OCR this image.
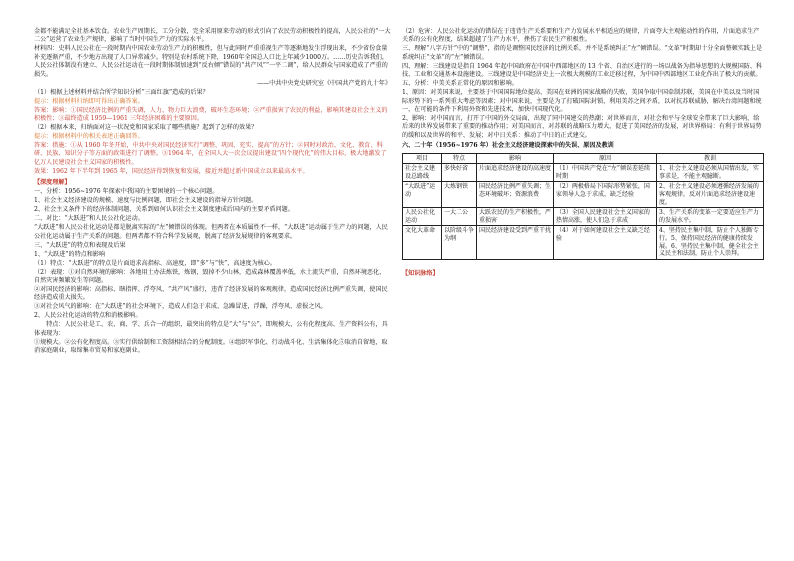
金都不能满足全社基本饮食。农业生产周期长，工分分散，完全采用原来劳动的形式引向了农民劳动积极性的提高，人民公社的“一大二公”运营了农业生产规律，影响了当时中国生产力的实际水平。

材料四：史料人民公社在一段时期内中国农业劳动生产力的积极性，但与此同时严重重视生产等逐渐地发生浮现出来，不少省份食量补充逐渐严重，不少地方出现了人口异常减少。特别是农村系统下降，1960年全国总人口比上年减少1000万。……历史告诉我们，人民公社体制没有建立、人民公社运动在一段时期体制加速到“反右倾”错误的“共产风”“一平二调”，给人民群众与国家造成了严重的损失。

——中共中央党史研究室《中国共产党的九十年》

（1）根据上述材料并结合所学知识分析“三面红旗”造成的后果？

提示：根据材料归纳即可得出正确答案。

答案：影响：①国民经济比例的严重失调，人力、物力巨大浪费，破坏生态环境；②严重损害了农民的利益，影响其建设社会主义的积极性；③最终造成 1959—1961 三年经济困难的主要原因。

（2）根据本来，归纳面对这一状况党和国家采取了哪些措施？起到了怎样的效果？

提示：根据材料中的相关表述正确回答。

答案：措施：①从 1960 年冬开始，中共中央对国民经济实行“调整、巩固、充实、提高”的方针；②同时对政治、文化、教育、科研、民族、知识分子等方面的政策进行了调整。③1964 年，在全国人大一次会议提出建设“四个现代化”的伟大目标，极大地激发了亿万人民建设社会主义国家的积极性。

效果：1962 年下半年到 1965 年，国民经济得到恢复和发展，接近并超过新中国成立以来最高水平。

【深度理解】

一、分析：1956~1976 年探索中我国的主要困境的一个核心问题。

1、社会主义经济建设的规模、速度与比例问题，即社会主义建设的指导方针问题。

2、社会主义条件下的经济体制问题，关系到如何认识社会主义制度建成后国内的主要矛盾问题。

二、对比：“大跃进”和人民公社化运动。

“大跃进”和人民公社化运动是都是脱离实际的“左”倾错误的体现。但两者在本质属性不一样，“大跃进”运动属于生产力的问题，人民公社化运动属于生产关系的问题。但两者都不符合科学发展观，脱离了经济发展规律的客观要求。

三、“大跃进”的特点和表现及后果

1、“大跃进”的特点和影响

（1）特点：“大跃进”的特点是片面追求高指标、高速度，即“多”与“快”，高速度为核心。

（2）表现：①对自然环境的影响：各地用土办法炼铁，炼钢，毁掉不少山林，造成森林覆盖率低，水土流失严重，自然环境恶化，自然灾害频繁发生等问题。

②对国民经济的影响：高指标、瞎指挥、浮夸风、“共产风”盛行，违背了经济发展的客观规律，造成国民经济比例严重失调，使国民经济造成重大损失。

③对社会风气的影响：在“大跃进”的社会环境下，造成人们急于求成、急躁冒进，浮躁，浮夸风、虚报之风。

2、人民公社化运动的特点和消极影响。

特点：人民公社是工、农、商、学、兵合一的组织，最突出的特点是“大”与“公”，即规模大、公有化程度高、生产资料公有，具体表现为：

①规模大。②公有化程度高。③实行供给制和工资制相结合的分配制度。④组织军事化、行动战斗化、生活集体化⑤取消自留地，取消家庭副业，取缔集市贸易和家庭副业。

（2）危害：人民公社化运动的错误在于违背生产关系要和生产力发展水平相适应的规律，片面夸大主观能动性的作用，片面追求生产关系的公有化程度，结果超越了生产力水平，挫伤了农民生产积极性。

三、理解“八字方针”中的“调整”，指的是调整国民经济的比例关系，并不是系统纠正“左”倾错误。“文革”时期却十分全面整顿实践上是系统纠正“文革”的“左”倾错误。

四、理解：三线建设是指自 1964 年起中国政府在中国中西部地区的 13 个省、自治区进行的一场以战备为指导思想的大规模国防、科技、工业和交通基本设施建设。三线建设是中国经济史上一次极大规模的工业迁移过程，为中国中西部地区工业化作出了极大的贡献。

五、分析：中美关系正常化的原因和影响。

1、原因：对美国来说，主要基于中国国际地位提高、美国在亚洲的国家战略的失败，美国争取中国牵制苏联，美国在中美以及当时国际形势下的一系列重大考虑等因素；对中国来说，主要是为了打破国际封锁，利用美苏之间矛盾，以对抗苏联威胁，解决台湾问题和统一，在可能的条件下利用外资和先进技术，加快中国现代化。

2、影响：对中国而言，打开了中国的外交局面，出现了同中国建交的热潮；对世界而言，对社会和平与全球安全带来了巨大影响，给后来的世界发展带来了重要的推动作用；对美国而言，对苏联的战略压力增大，促进了美国经济的发展，对世界格局：有利于世界局势的缓和以及世界的和平、发展；对中日关系：推动了中日的正式建交。

六、二十年（1956~1976 年）社会主义经济建设探索中的失误、原因及教训

项目	特点	影响	原因	教训
社会主义建设总路线	多快好省	片面追求经济建设的高速度	（1）中国共产党在“左”倾误差延续时期	1、社会主义建设必须从国情出发，实事求是，不能主观臆断。
“大跃进”运动	大炼钢铁	国民经济比例严重失调；生态环境破坏；资源浪费	（2）两极格局下国际形势紧张，国家领导人急于求成，缺乏经验	2、社会主义建设必须遵循经济发展的客观规律，反对片面追求经济建设速度。
人民公社化运动	一大二公	大跃农民的生产积极性，严重损害	（3）全国人民建设社会主义国家的热情高涨，使人们急于求成	3、生产关系的变革一定要适应生产力的发展水平。
文化大革命	以阶级斗争为纲	国民经济建设受到严重干扰	（4）对于如何建设社会主义缺乏经验	4、坚持民主集中制，防止个人独断专行。5、保持国民经济的健康持续发展。6、坚持民主集中制，健全社会主义民主和法制，防止个人崇拜。

【知识脉络】
